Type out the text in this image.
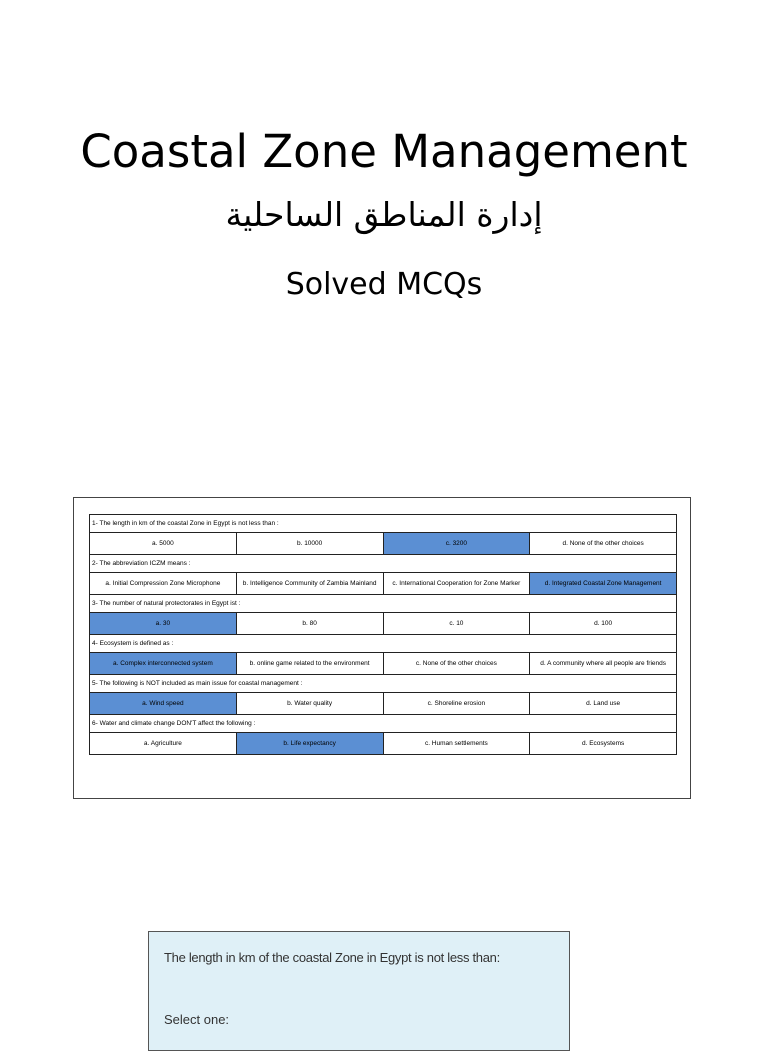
Coastal Zone Management
إدارة المناطق الساحلية
Solved MCQs
1- The length in km of the coastal Zone in Egypt is not less than :			
a. 5000	b. 10000	c. 3200	d. None of the other choices
2- The abbreviation ICZM means :			
a. Initial Compression Zone Microphone	b. Intelligence Community of Zambia Mainland	c. International Cooperation for Zone Marker	d. Integrated Coastal Zone Management
3- The number of natural protectorates in Egypt ist :			
a. 30	b. 80	c. 10	d. 100
4- Ecosystem is defined as :			
a. Complex interconnected system	b. online game related to the environment	c. None of the other choices	d. A community where all people are friends
5- The following is NOT included as main issue for coastal management :			
a. Wind speed	b. Water quality	c. Shoreline erosion	d. Land use
6- Water and climate change DON'T affect the following :			
a. Agriculture	b. Life expectancy	c. Human settlements	d. Ecosystems
The length in km of the coastal Zone in Egypt is not less than:
Select one:
